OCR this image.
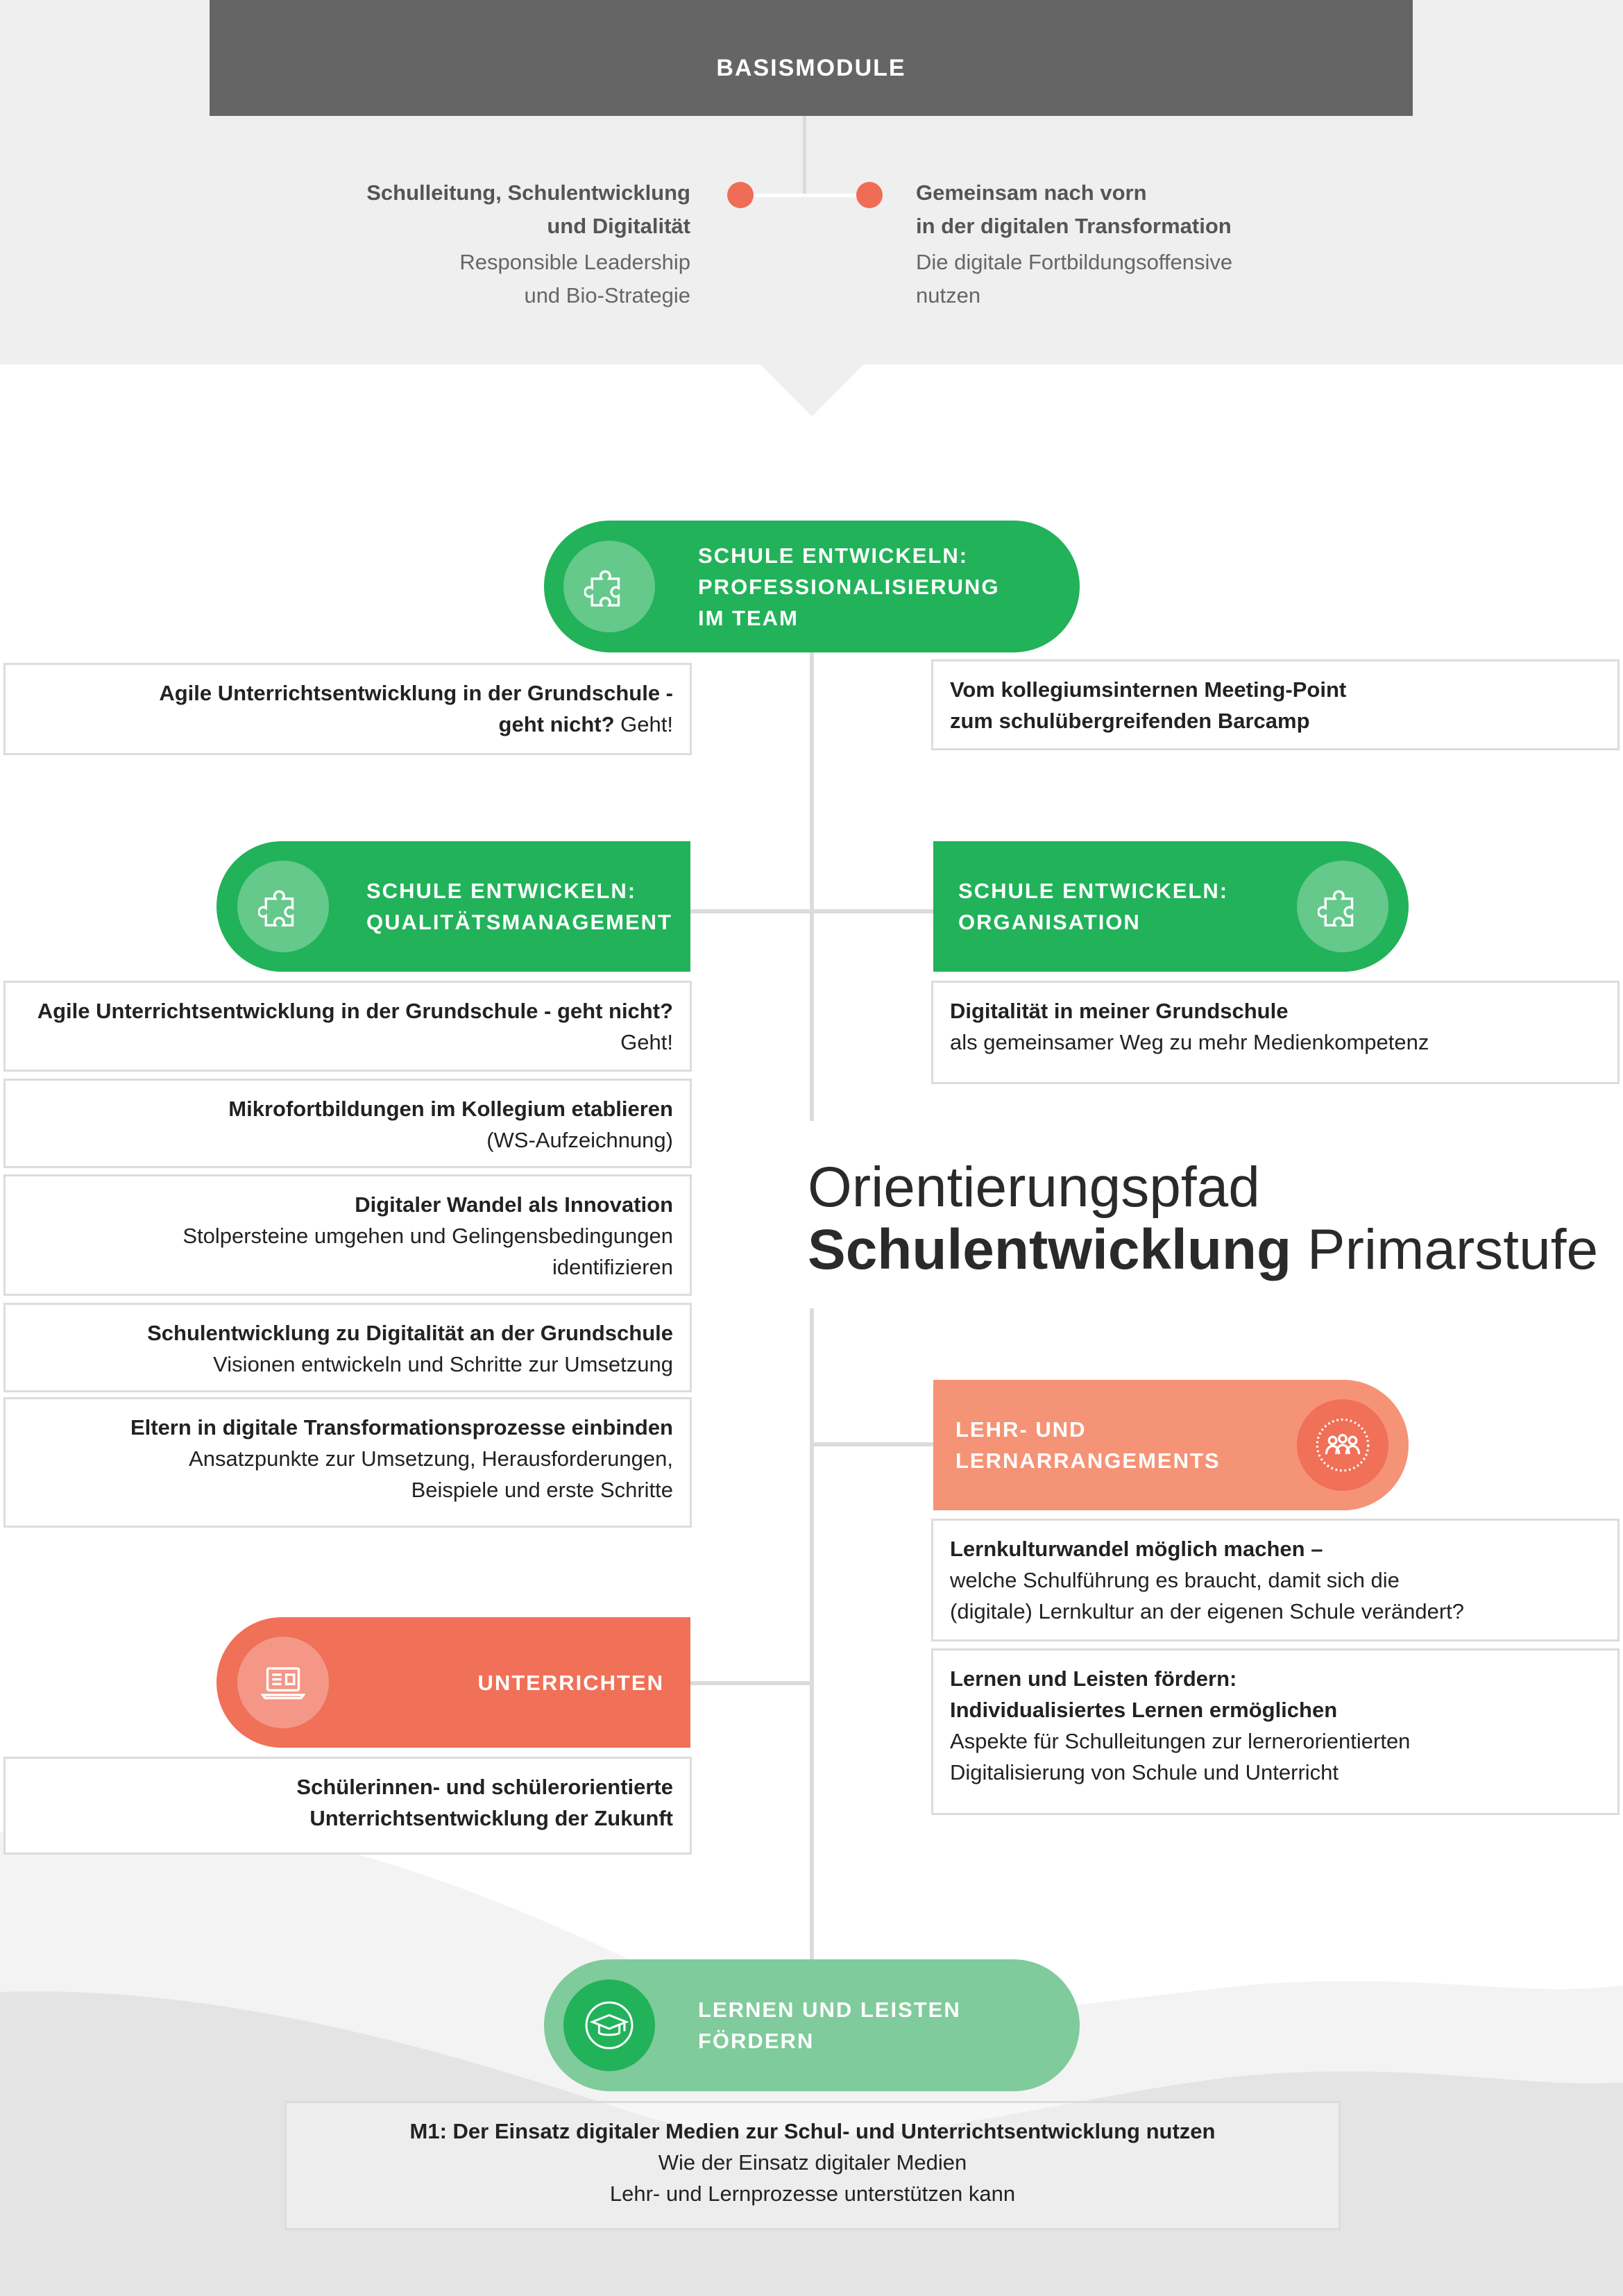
BASISMODULE
Schulleitung, Schulentwicklung
und Digitalität
Responsible Leadership
und Bio-Strategie
Gemeinsam nach vorn
in der digitalen Transformation
Die digitale Fortbildungsoffensive
nutzen
SCHULE ENTWICKELN:
PROFESSIONALISIERUNG
IM TEAM
Agile Unterrichtsentwicklung in der Grundschule -
geht nicht? Geht!
Vom kollegiumsinternen Meeting-Point
zum schulübergreifenden Barcamp
SCHULE ENTWICKELN:
QUALITÄTSMANAGEMENT
SCHULE ENTWICKELN:
ORGANISATION
Agile Unterrichtsentwicklung in der Grundschule - geht nicht?
Geht!
Mikrofortbildungen im Kollegium etablieren
(WS-Aufzeichnung)
Digitaler Wandel als Innovation
Stolpersteine umgehen und Gelingensbedingungen
identifizieren
Schulentwicklung zu Digitalität an der Grundschule
Visionen entwickeln und Schritte zur Umsetzung
Eltern in digitale Transformationsprozesse einbinden
Ansatzpunkte zur Umsetzung, Herausforderungen,
Beispiele und erste Schritte
Digitalität in meiner Grundschule
als gemeinsamer Weg zu mehr Medienkompetenz
Orientierungspfad
Schulentwicklung Primarstufe
LEHR- UND
LERNARRANGEMENTS
Lernkulturwandel möglich machen –
welche Schulführung es braucht, damit sich die
(digitale) Lernkultur an der eigenen Schule verändert?
Lernen und Leisten fördern:
Individualisiertes Lernen ermöglichen
Aspekte für Schulleitungen zur lernerorientierten
Digitalisierung von Schule und Unterricht
UNTERRICHTEN
Schülerinnen- und schülerorientierte
Unterrichtsentwicklung der Zukunft
LERNEN UND LEISTEN
FÖRDERN
M1: Der Einsatz digitaler Medien zur Schul- und Unterrichtsentwicklung nutzen
Wie der Einsatz digitaler Medien
Lehr- und Lernprozesse unterstützen kann
